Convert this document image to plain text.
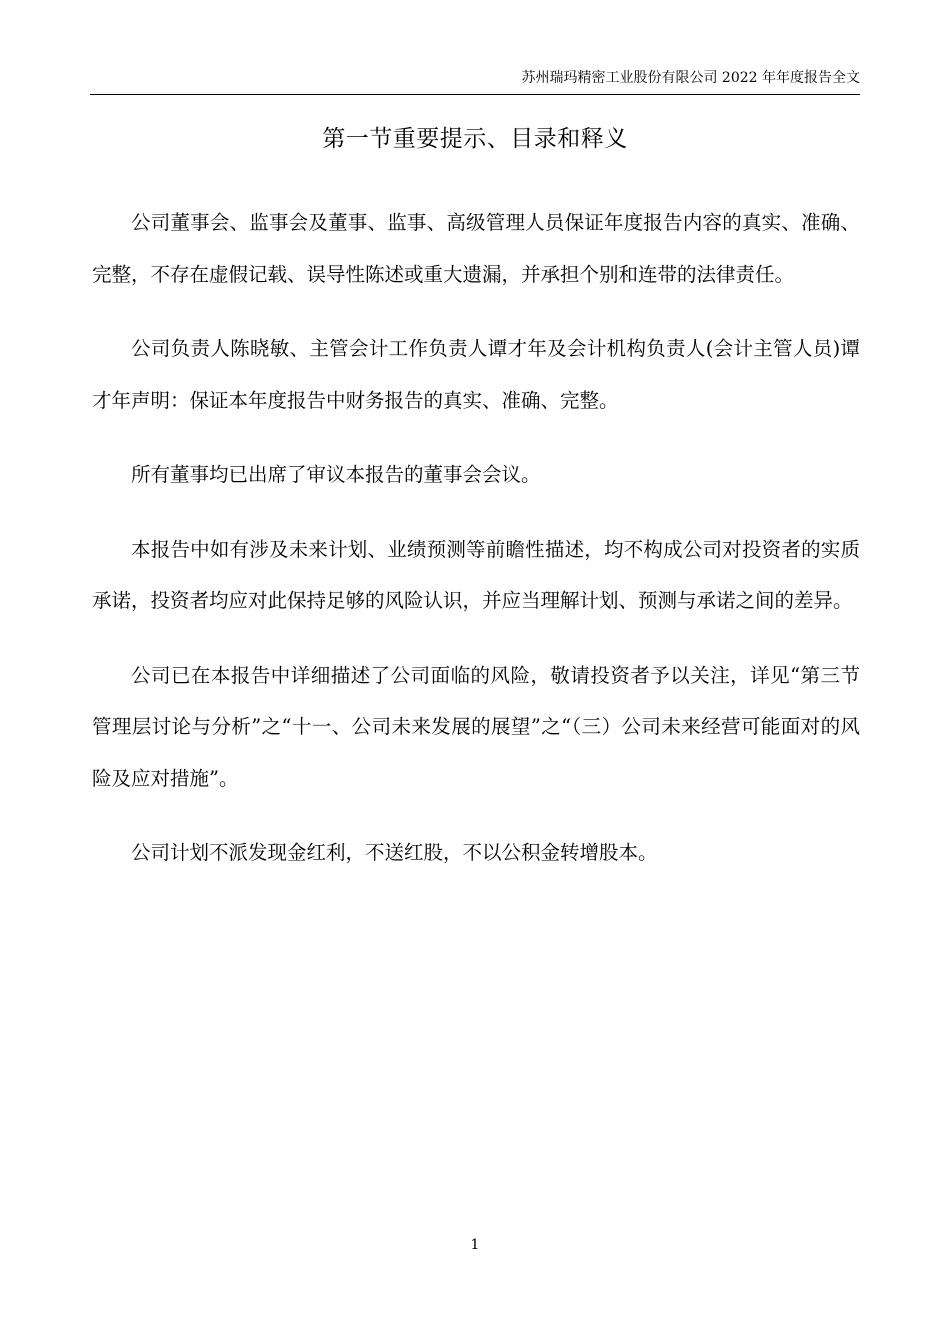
苏州瑞玛精密工业股份有限公司 2022 年年度报告全文
第一节重要提示、目录和释义

公司董事会、监事会及董事、监事、高级管理人员保证年度报告内容的真实、准确、完整，不存在虚假记载、误导性陈述或重大遗漏，并承担个别和连带的法律责任。

公司负责人陈晓敏、主管会计工作负责人谭才年及会计机构负责人(会计主管人员)谭才年声明：保证本年度报告中财务报告的真实、准确、完整。

所有董事均已出席了审议本报告的董事会会议。

本报告中如有涉及未来计划、业绩预测等前瞻性描述，均不构成公司对投资者的实质承诺，投资者均应对此保持足够的风险认识，并应当理解计划、预测与承诺之间的差异。

公司已在本报告中详细描述了公司面临的风险，敬请投资者予以关注，详见“第三节管理层讨论与分析”之“十一、公司未来发展的展望”之“（三）公司未来经营可能面对的风险及应对措施”。

公司计划不派发现金红利，不送红股，不以公积金转增股本。

1
